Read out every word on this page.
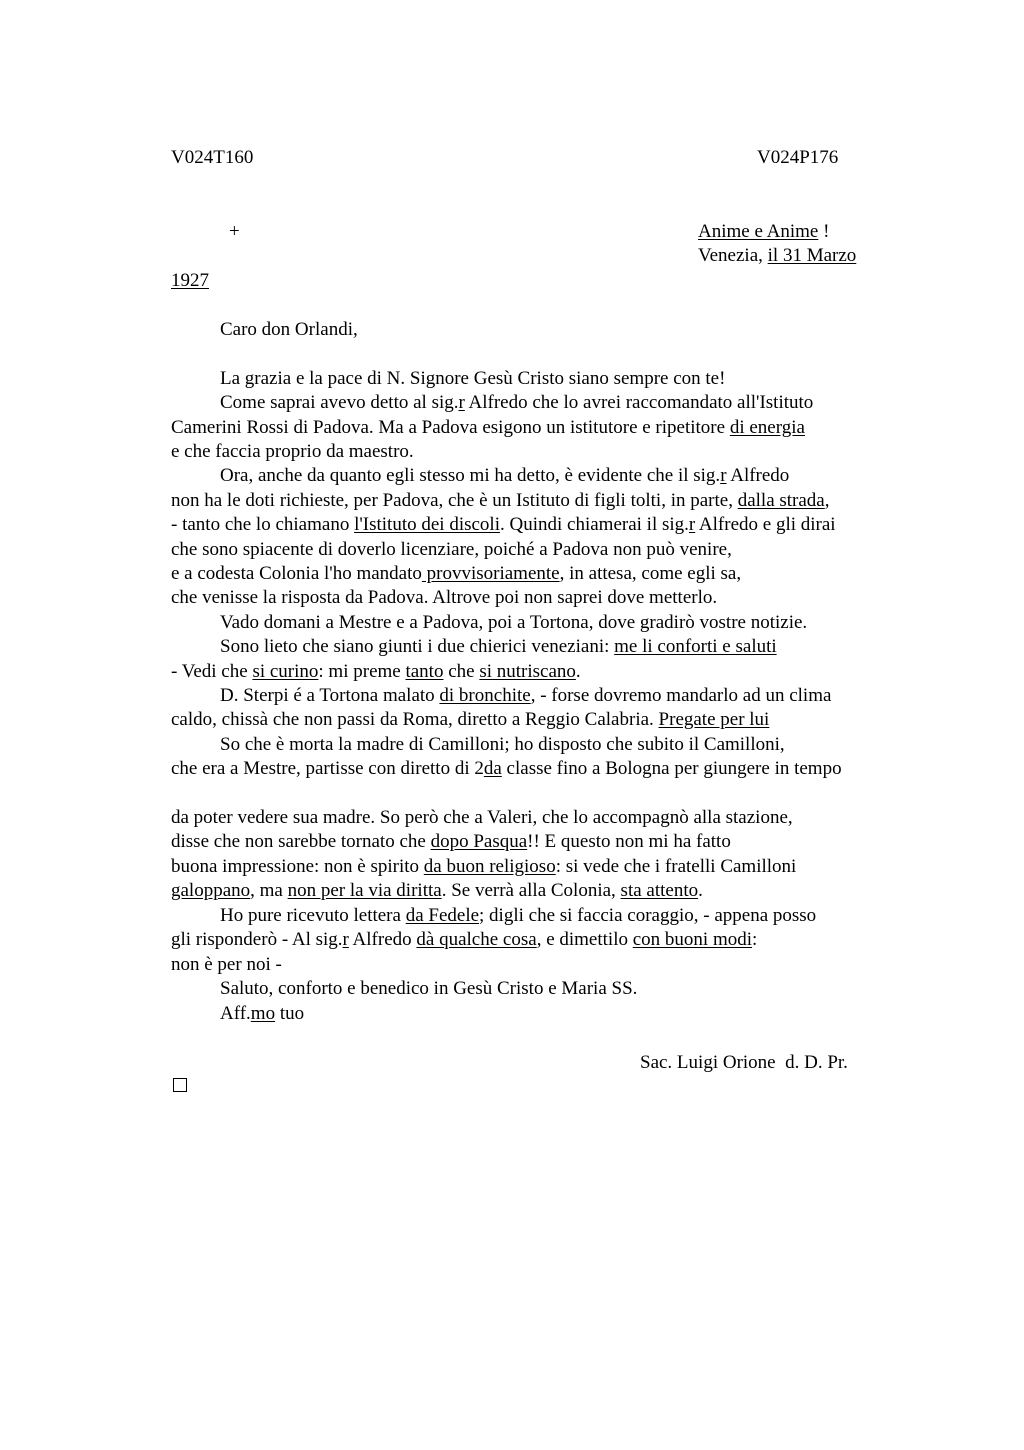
V024T160	V024P176

+	Anime e Anime !

Venezia, il 31 Marzo

1927

Caro don Orlandi,

La grazia e la pace di N. Signore Gesù Cristo siano sempre con te!

Come saprai avevo detto al sig.r Alfredo che lo avrei raccomandato all'Istituto

Camerini Rossi di Padova. Ma a Padova esigono un istitutore e ripetitore di energia

e che faccia proprio da maestro.

Ora, anche da quanto egli stesso mi ha detto, è evidente che il sig.r Alfredo

non ha le doti richieste, per Padova, che è un Istituto di figli tolti, in parte, dalla strada,

- tanto che lo chiamano l'Istituto dei discoli. Quindi chiamerai il sig.r Alfredo e gli dirai

che sono spiacente di doverlo licenziare, poiché a Padova non può venire,

e a codesta Colonia l'ho mandato provvisoriamente, in attesa, come egli sa,

che venisse la risposta da Padova. Altrove poi non saprei dove metterlo.

Vado domani a Mestre e a Padova, poi a Tortona, dove gradirò vostre notizie.

Sono lieto che siano giunti i due chierici veneziani: me li conforti e saluti

- Vedi che si curino: mi preme tanto che si nutriscano.

D. Sterpi é a Tortona malato di bronchite, - forse dovremo mandarlo ad un clima

caldo, chissà che non passi da Roma, diretto a Reggio Calabria. Pregate per lui

So che è morta la madre di Camilloni; ho disposto che subito il Camilloni,

che era a Mestre, partisse con diretto di 2da classe fino a Bologna per giungere in tempo

da poter vedere sua madre. So però che a Valeri, che lo accompagnò alla stazione,

disse che non sarebbe tornato che dopo Pasqua!! E questo non mi ha fatto

buona impressione: non è spirito da buon religioso: si vede che i fratelli Camilloni

galoppano, ma non per la via diritta. Se verrà alla Colonia, sta attento.

Ho pure ricevuto lettera da Fedele; digli che si faccia coraggio, - appena posso

gli risponderò - Al sig.r Alfredo dà qualche cosa, e dimettilo con buoni modi:

non è per noi -

Saluto, conforto e benedico in Gesù Cristo e Maria SS.

Aff.mo tuo

Sac. Luigi Orione  d. D. Pr.
